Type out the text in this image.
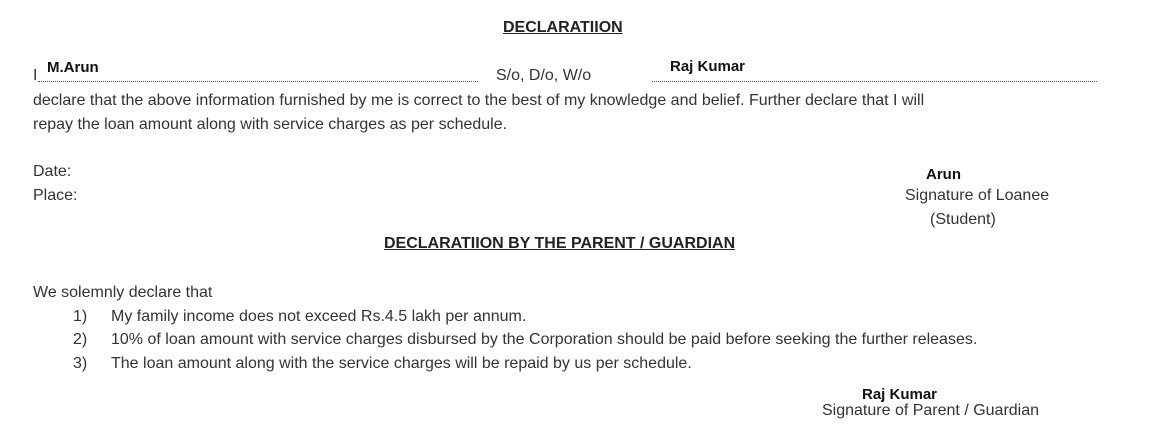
DECLARATIION
I M.Arun	S/o, D/o, W/o
Raj Kumar
declare that the above information furnished by me is correct to the best of my knowledge and belief. Further declare that I will
repay the loan amount along with service charges as per schedule.
Date:
Place:
Arun
Signature of Loanee
(Student)
DECLARATIION BY THE PARENT / GUARDIAN
We solemnly declare that
1) My family income does not exceed Rs.4.5 lakh per annum.
2) 10% of loan amount with service charges disbursed by the Corporation should be paid before seeking the further releases.
3) The loan amount along with the service charges will be repaid by us per schedule.
Raj Kumar
Signature of Parent / Guardian
